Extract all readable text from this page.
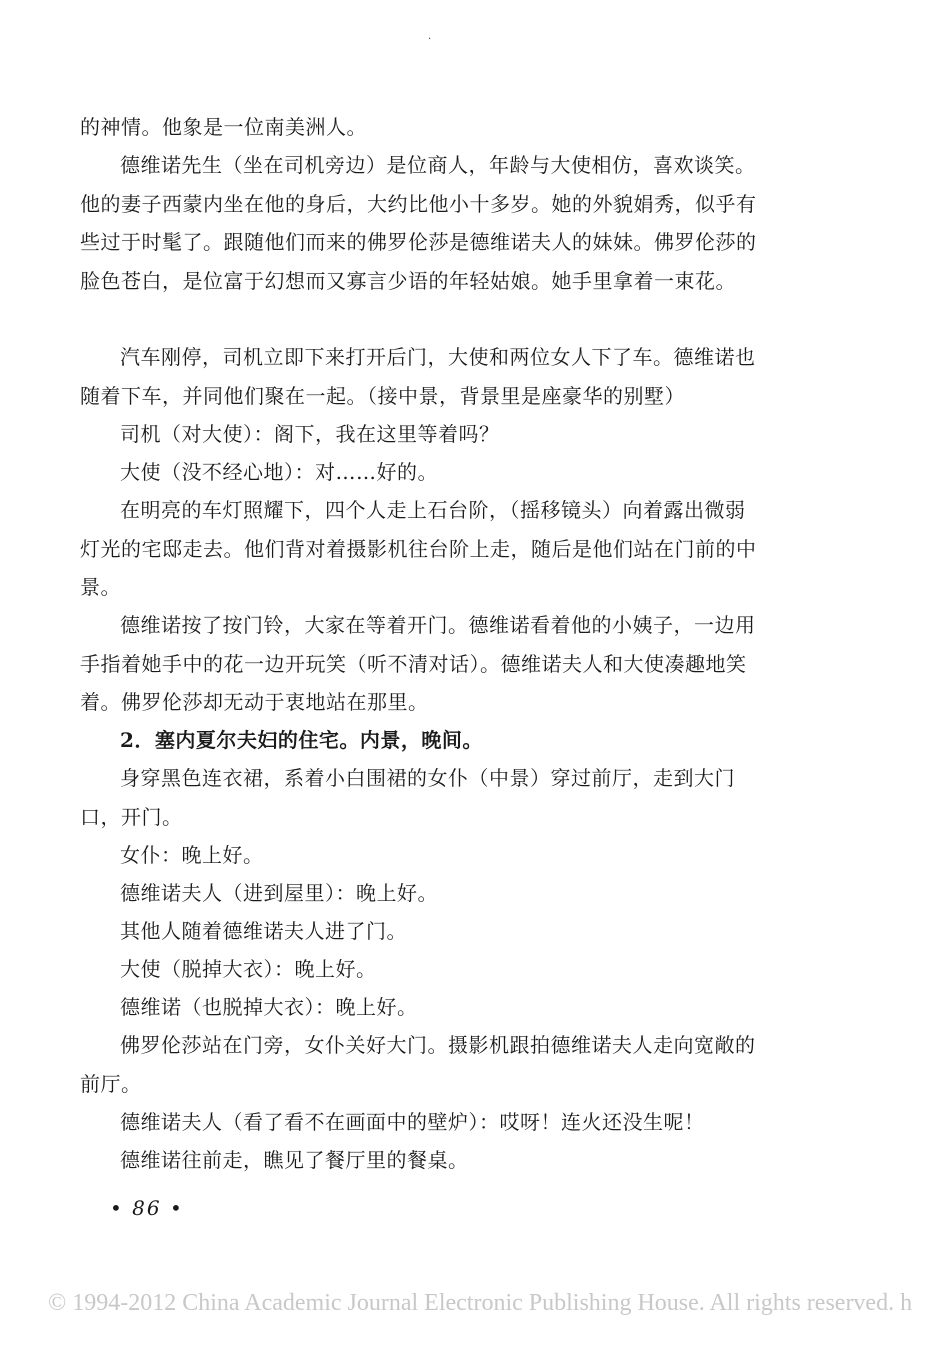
·

的神情。他象是一位南美洲人。

德维诺先生（坐在司机旁边）是位商人，年龄与大使相仿，喜欢谈笑。他的妻子西蒙内坐在他的身后，大约比他小十多岁。她的外貌娟秀，似乎有些过于时髦了。跟随他们而来的佛罗伦莎是德维诺夫人的妹妹。佛罗伦莎的脸色苍白，是位富于幻想而又寡言少语的年轻姑娘。她手里拿着一束花。

汽车刚停，司机立即下来打开后门，大使和两位女人下了车。德维诺也随着下车，并同他们聚在一起。（接中景，背景里是座豪华的别墅）

司机（对大使）：阁下，我在这里等着吗？

大使（没不经心地）：对……好的。

在明亮的车灯照耀下，四个人走上石台阶，（摇移镜头）向着露出微弱灯光的宅邸走去。他们背对着摄影机往台阶上走，随后是他们站在门前的中景。

德维诺按了按门铃，大家在等着开门。德维诺看着他的小姨子，一边用手指着她手中的花一边开玩笑（听不清对话）。德维诺夫人和大使凑趣地笑着。佛罗伦莎却无动于衷地站在那里。

2．塞内夏尔夫妇的住宅。内景，晚间。

身穿黑色连衣裙，系着小白围裙的女仆（中景）穿过前厅，走到大门口，开门。

女仆：晚上好。

德维诺夫人（进到屋里）：晚上好。

其他人随着德维诺夫人进了门。

大使（脱掉大衣）：晚上好。

德维诺（也脱掉大衣）：晚上好。

佛罗伦莎站在门旁，女仆关好大门。摄影机跟拍德维诺夫人走向宽敞的前厅。

德维诺夫人（看了看不在画面中的壁炉）：哎呀！连火还没生呢！

德维诺往前走，瞧见了餐厅里的餐桌。

• 86 •
© 1994-2012 China Academic Journal Electronic Publishing House. All rights reserved. h
